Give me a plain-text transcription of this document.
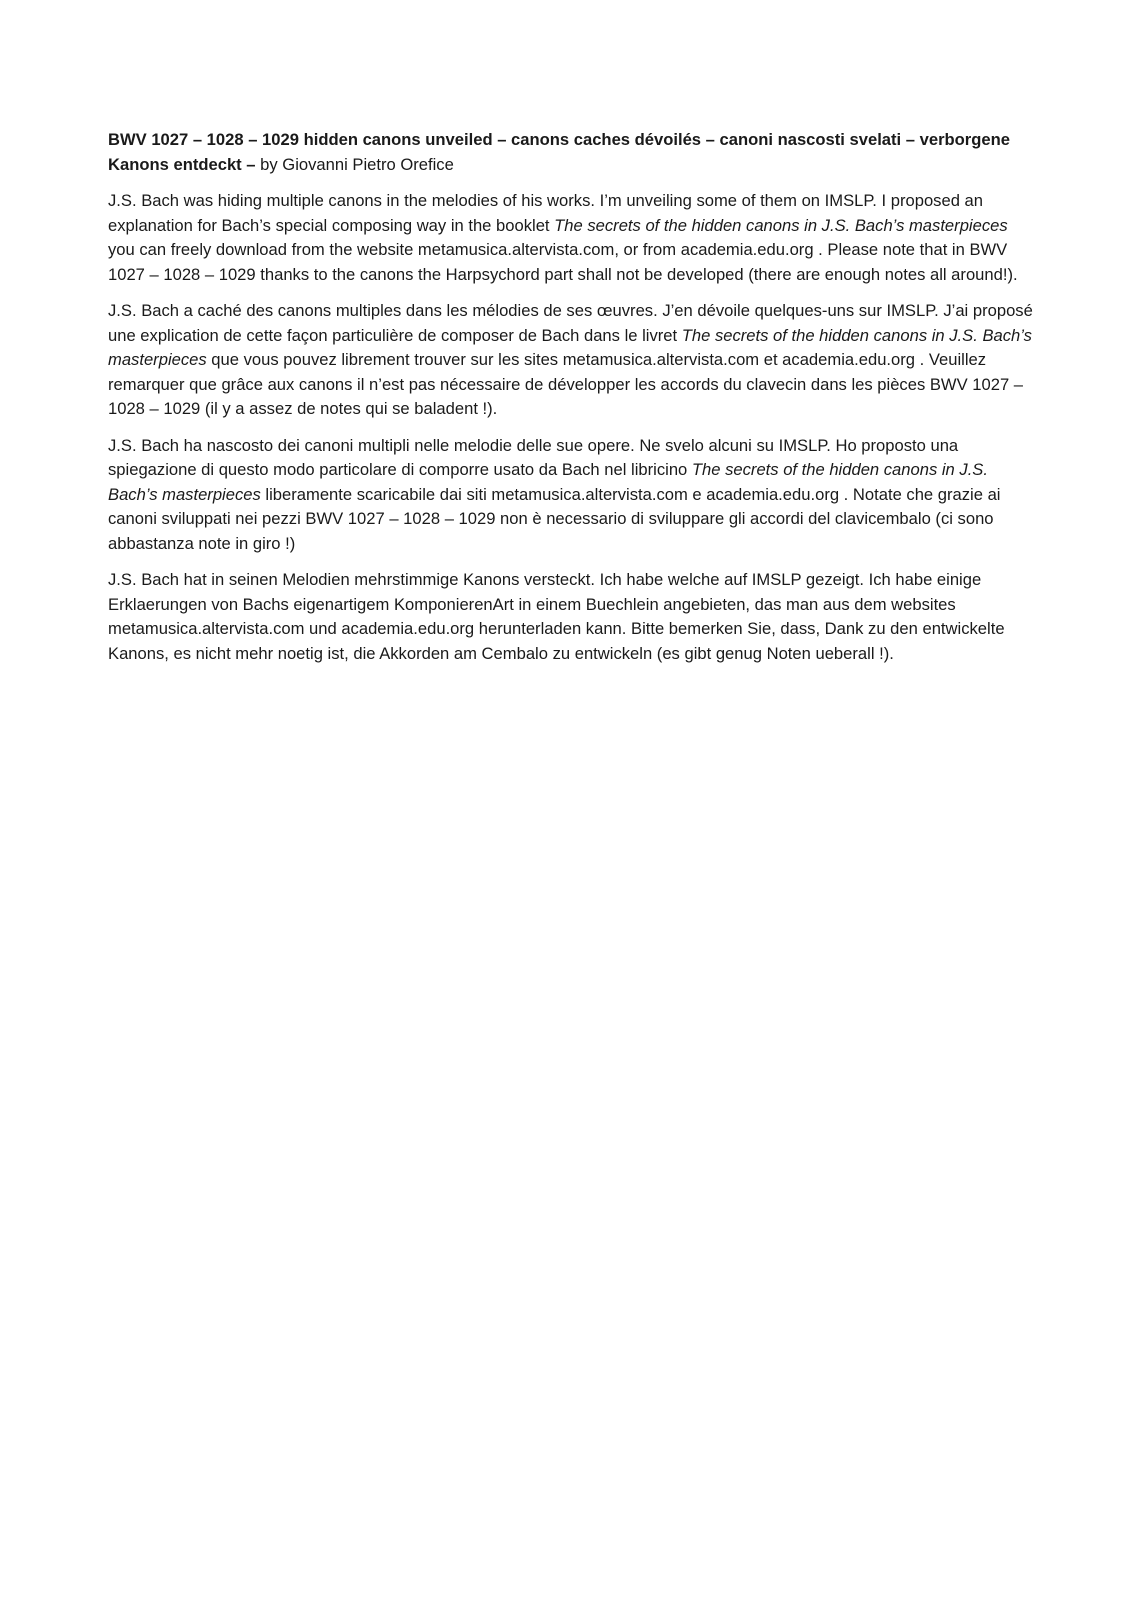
BWV 1027 – 1028 – 1029 hidden canons unveiled – canons caches dévoilés – canoni nascosti svelati – verborgene Kanons entdeckt – by Giovanni Pietro Orefice

J.S. Bach was hiding multiple canons in the melodies of his works. I’m unveiling some of them on IMSLP. I proposed an explanation for Bach’s special composing way in the booklet The secrets of the hidden canons in J.S. Bach’s masterpieces you can freely download from the website metamusica.altervista.com, or from academia.edu.org . Please note that in BWV 1027 – 1028 – 1029 thanks to the canons the Harpsychord part shall not be developed (there are enough notes all around!).

J.S. Bach a caché des canons multiples dans les mélodies de ses œuvres. J’en dévoile quelques-uns sur IMSLP. J’ai proposé une explication de cette façon particulière de composer de Bach dans le livret The secrets of the hidden canons in J.S. Bach’s masterpieces que vous pouvez librement trouver sur les sites metamusica.altervista.com et academia.edu.org . Veuillez remarquer que grâce aux canons il n’est pas nécessaire de développer les accords du clavecin dans les pièces BWV 1027 – 1028 – 1029 (il y a assez de notes qui se baladent !).

J.S. Bach ha nascosto dei canoni multipli nelle melodie delle sue opere. Ne svelo alcuni su IMSLP. Ho proposto una spiegazione di questo modo particolare di comporre usato da Bach nel libricino The secrets of the hidden canons in J.S. Bach’s masterpieces liberamente scaricabile dai siti metamusica.altervista.com e academia.edu.org . Notate che grazie ai canoni sviluppati nei pezzi BWV 1027 – 1028 – 1029 non è necessario di sviluppare gli accordi del clavicembalo (ci sono abbastanza note in giro !)

J.S. Bach hat in seinen Melodien mehrstimmige Kanons versteckt. Ich habe welche auf IMSLP gezeigt. Ich habe einige Erklaerungen von Bachs eigenartigem KomponierenArt in einem Buechlein angebieten, das man aus dem websites metamusica.altervista.com und academia.edu.org herunterladen kann. Bitte bemerken Sie, dass, Dank zu den entwickelte Kanons, es nicht mehr noetig ist, die Akkorden am Cembalo zu entwickeln (es gibt genug Noten ueberall !).
